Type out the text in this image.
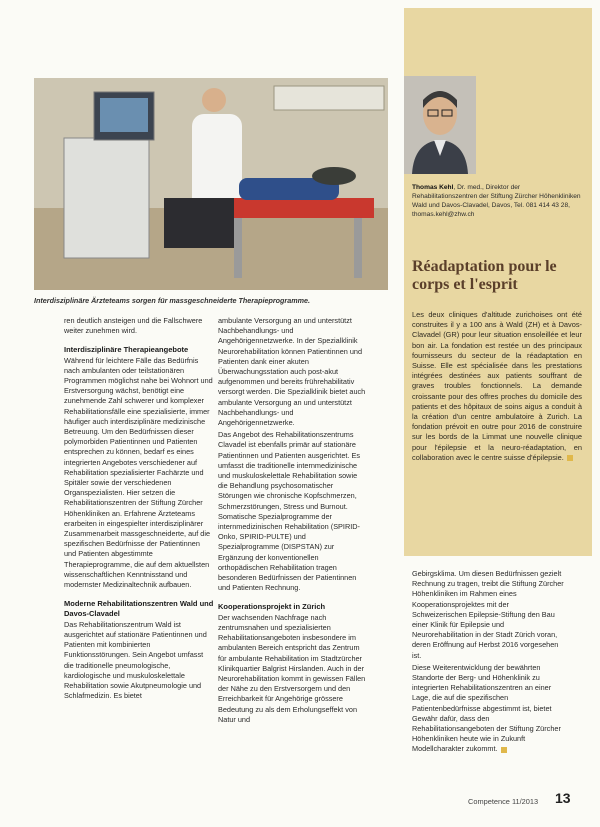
Interdisziplinäre Ärzteteams sorgen für massgeschneiderte Therapieprogramme.

ren deutlich ansteigen und die Fallschwere weiter zunehmen wird.

Interdisziplinäre Therapieangebote

Während für leichtere Fälle das Bedürfnis nach ambulanten oder teilstationären Programmen möglichst nahe bei Wohnort und Erstversorgung wächst, benötigt eine zunehmende Zahl schwerer und komplexer Rehabilitationsfälle eine spezialisierte, immer häufiger auch interdisziplinäre medizinische Betreuung. Um den Bedürfnissen dieser polymorbiden Patientinnen und Patienten entsprechen zu können, bedarf es eines integrierten Angebotes verschiedener auf Rehabilitation spezialisierter Fachärzte und Spitäler sowie der verschiedenen Organspezialisten. Hier setzen die Rehabilitationszentren der Stiftung Zürcher Höhenkliniken an. Erfahrene Ärzteteams erarbeiten in eingespielter interdisziplinärer Zusammenarbeit massgeschneiderte, auf die spezifischen Bedürfnisse der Patientinnen und Patienten abgestimmte Therapieprogramme, die auf dem aktuellsten wissenschaftlichen Kenntnisstand und modernster Medizinaltechnik aufbauen.

Moderne Rehabilitationszentren Wald und Davos-Clavadel

Das Rehabilitationszentrum Wald ist ausgerichtet auf stationäre Patientinnen und Patienten mit kombinierten Funktionsstörungen. Sein Angebot umfasst die traditionelle pneumologische, kardiologische und muskuloskelettale Rehabilitation sowie Akutpneumologie und Schlafmedizin. Es bietet

ambulante Versorgung an und unterstützt Nachbehandlungs- und Angehörigennetzwerke. In der Spezialklinik Neurorehabilitation können Patientinnen und Patienten dank einer akuten Überwachungsstation auch post-akut aufgenommen und bereits frührehabilitativ versorgt werden. Die Spezialklinik bietet auch ambulante Versorgung an und unterstützt Nachbehandlungs- und Angehörigennetzwerke.

Das Angebot des Rehabilitationszentrums Clavadel ist ebenfalls primär auf stationäre Patientinnen und Patienten ausgerichtet. Es umfasst die traditionelle internmedizinische und muskuloskelettale Rehabilitation sowie die Behandlung psychosomatischer Störungen wie chronische Kopfschmerzen, Schmerzstörungen, Stress und Burnout. Somatische Spezialprogramme der internmedizinischen Rehabilitation (SPIRID-Onko, SPIRID-PULTE) und Spezialprogramme (DISPSTAN) zur Ergänzung der konventionellen orthopädischen Rehabilitation tragen besonderen Bedürfnissen der Patientinnen und Patienten Rechnung.

Kooperationsprojekt in Zürich

Der wachsenden Nachfrage nach zentrumsnahen und spezialisierten Rehabilitationsangeboten insbesondere im ambulanten Bereich entspricht das Zentrum für ambulante Rehabilitation im Stadtzürcher Klinikquartier Balgrist Hirslanden. Auch in der Neurorehabilitation kommt in gewissen Fällen der Nähe zu den Erstversorgern und den Erreichbarkeit für Angehörige grössere Bedeutung zu als dem Erholungseffekt von Natur und

Thomas Kehl, Dr. med., Direktor der Rehabilitationszentren der Stiftung Zürcher Höhenkliniken Wald und Davos-Clavadel, Davos, Tel. 081 414 43 28, thomas.kehl@zhw.ch
Réadaptation pour le corps et l'esprit
Les deux cliniques d'altitude zurichoises ont été construites il y a 100 ans à Wald (ZH) et à Davos-Clavadel (GR) pour leur situation ensoleillée et leur bon air. La fondation est restée un des principaux fournisseurs du secteur de la réadaptation en Suisse. Elle est spécialisée dans les prestations intégrées destinées aux patients souffrant de graves troubles fonctionnels. La demande croissante pour des offres proches du domicile des patients et des hôpitaux de soins aigus a conduit à la création d'un centre ambulatoire à Zurich. La fondation prévoit en outre pour 2016 de construire sur les bords de la Limmat une nouvelle clinique pour l'épilepsie et la neuro-réadaptation, en collaboration avec le centre suisse d'épilepsie.

Gebirgsklima. Um diesen Bedürfnissen gezielt Rechnung zu tragen, treibt die Stiftung Zürcher Höhenkliniken im Rahmen eines Kooperationsprojektes mit der Schweizerischen Epilepsie-Stiftung den Bau einer Klinik für Epilepsie und Neurorehabilitation in der Stadt Zürich voran, deren Eröffnung auf Herbst 2016 vorgesehen ist.

Diese Weiterentwicklung der bewährten Standorte der Berg- und Höhenklinik zu integrierten Rehabilitationszentren an einer Lage, die auf die spezifischen Patientenbedürfnisse abgestimmt ist, bietet Gewähr dafür, dass den Rehabilitationsangeboten der Stiftung Zürcher Höhenkliniken heute wie in Zukunft Modellcharakter zukommt.

Competence 11/2013 13
